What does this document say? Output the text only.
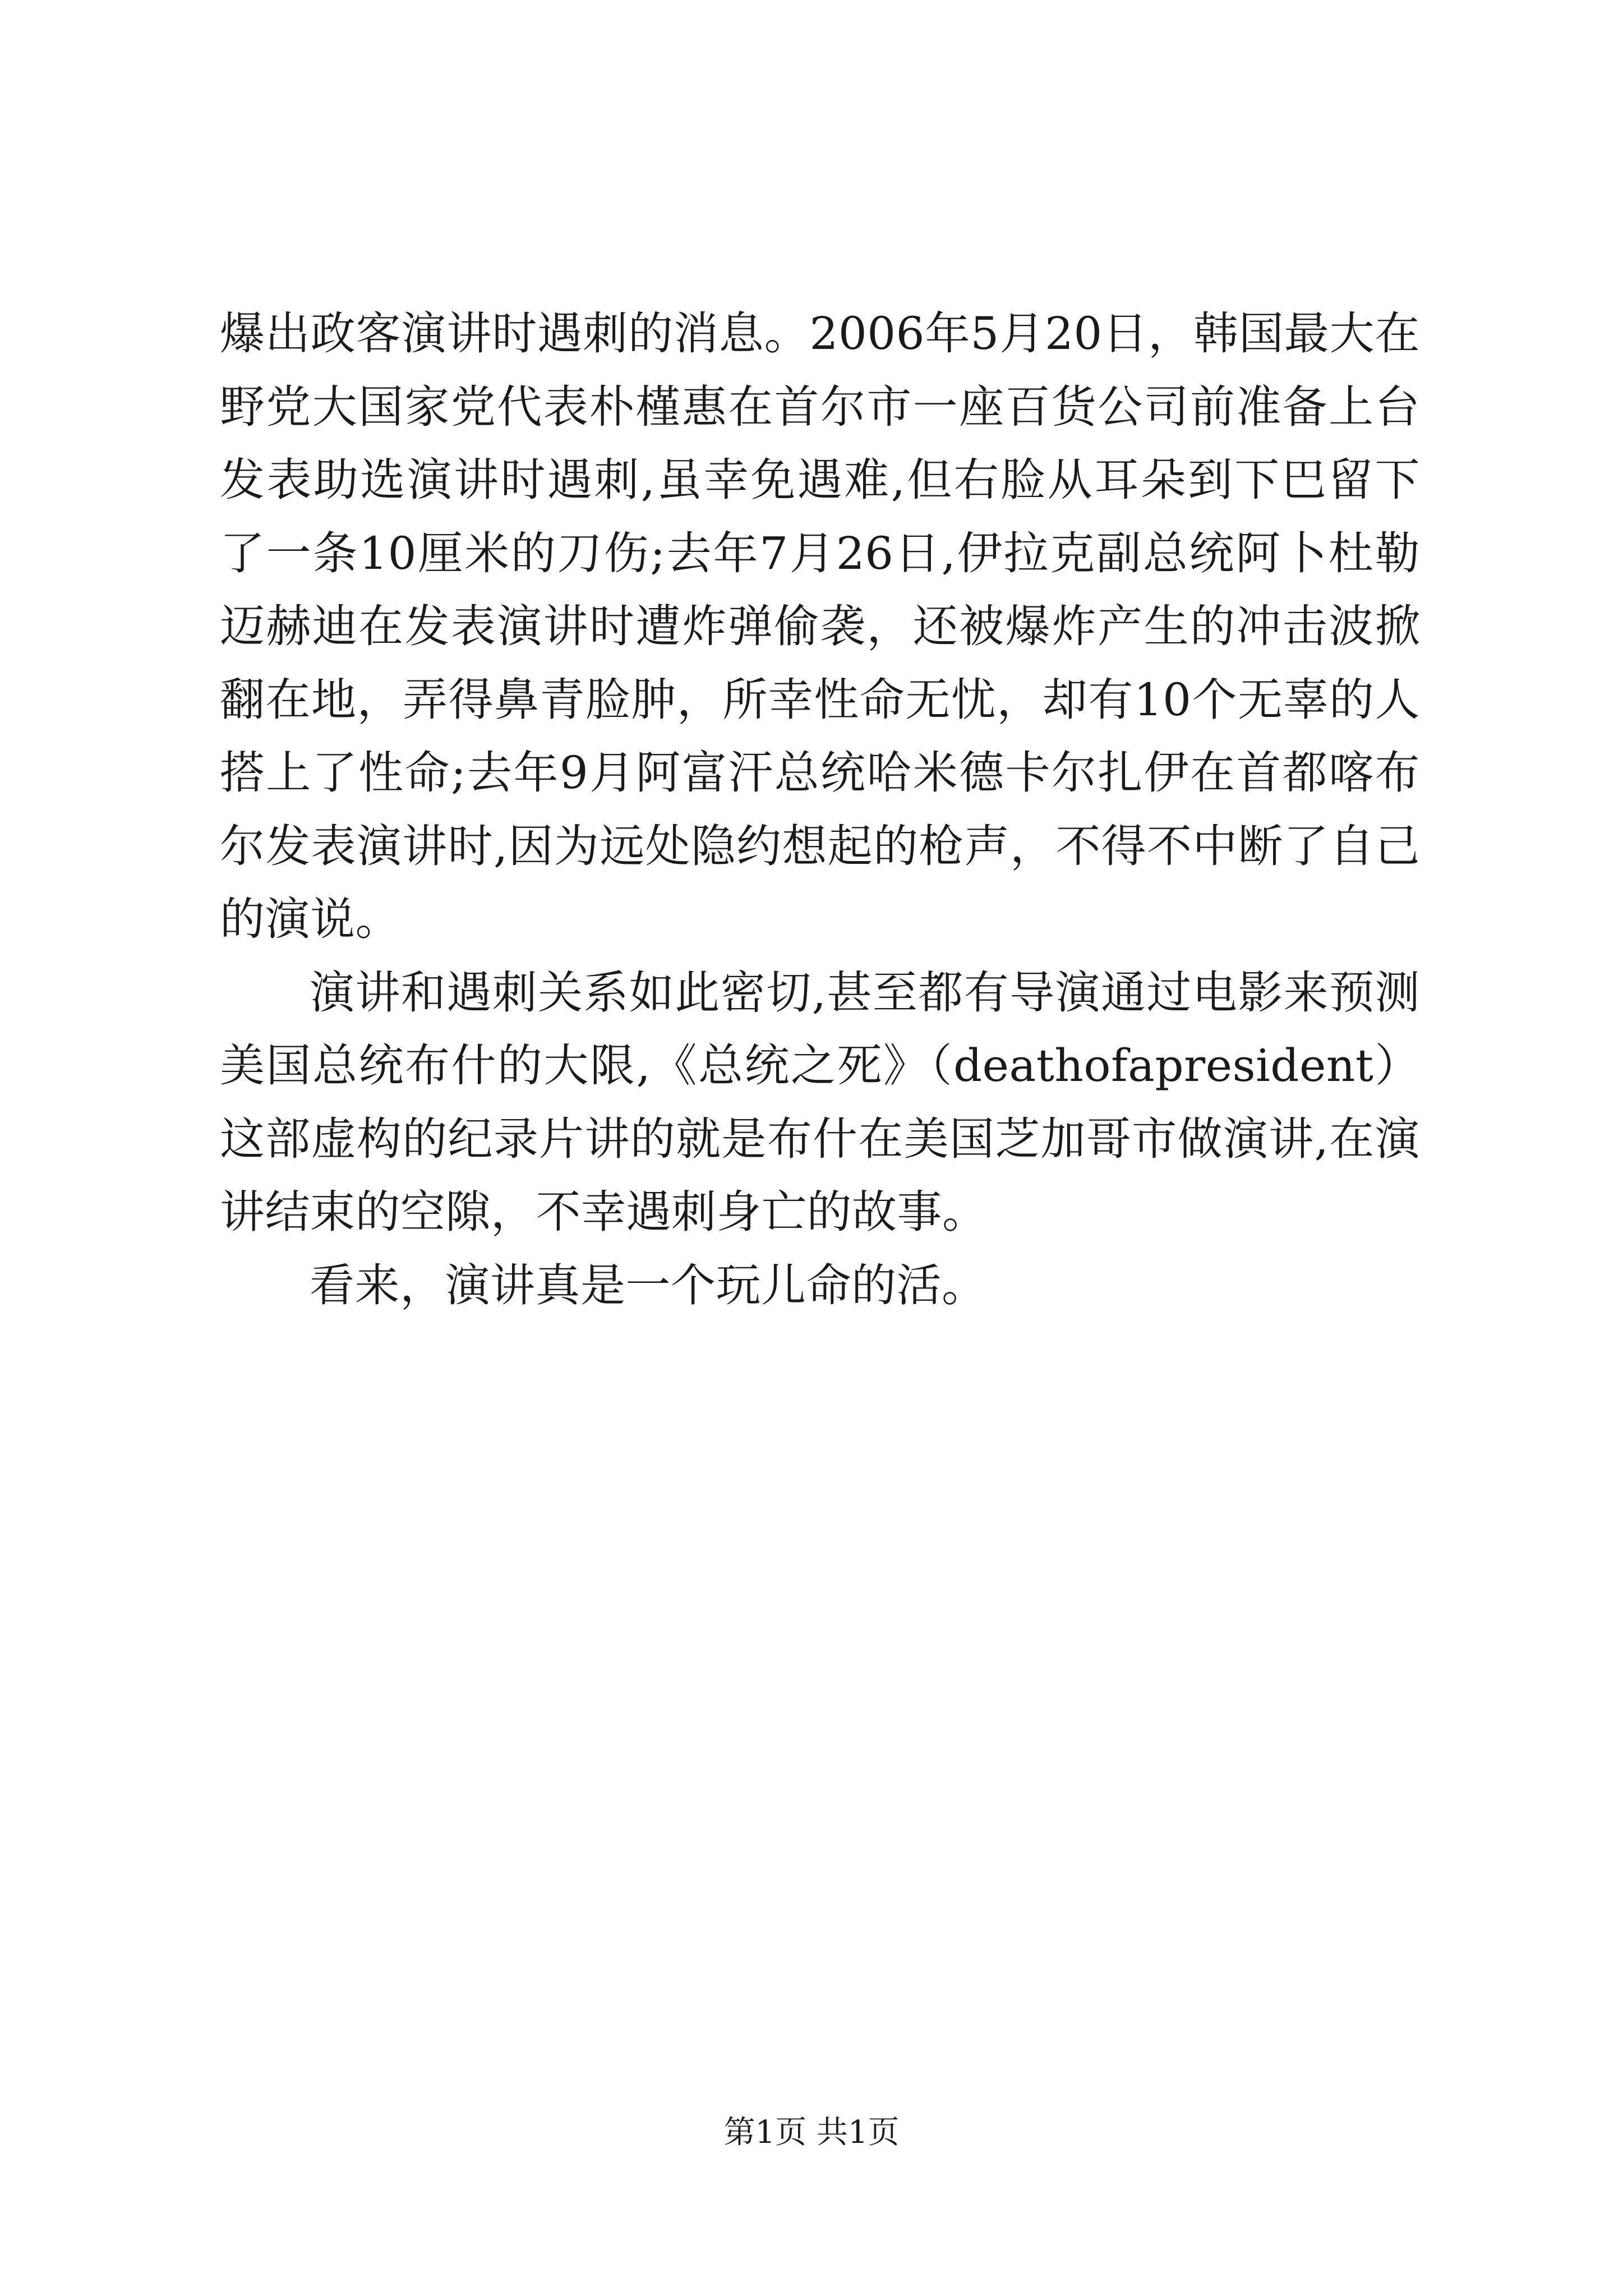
爆出政客演讲时遇刺的消息。2006年5月20日，韩国最大在野党大国家党代表朴槿惠在首尔市一座百货公司前准备上台发表助选演讲时遇刺,虽幸免遇难,但右脸从耳朵到下巴留下了一条10厘米的刀伤;去年7月26日,伊拉克副总统阿卜杜勒迈赫迪在发表演讲时遭炸弹偷袭，还被爆炸产生的冲击波掀翻在地，弄得鼻青脸肿，所幸性命无忧，却有10个无辜的人搭上了性命;去年9月阿富汗总统哈米德卡尔扎伊在首都喀布尔发表演讲时,因为远处隐约想起的枪声，不得不中断了自己的演说。

演讲和遇刺关系如此密切,甚至都有导演通过电影来预测美国总统布什的大限,《总统之死》（deathofapresident）这部虚构的纪录片讲的就是布什在美国芝加哥市做演讲,在演讲结束的空隙，不幸遇刺身亡的故事。

看来，演讲真是一个玩儿命的活。

第1页 共1页
